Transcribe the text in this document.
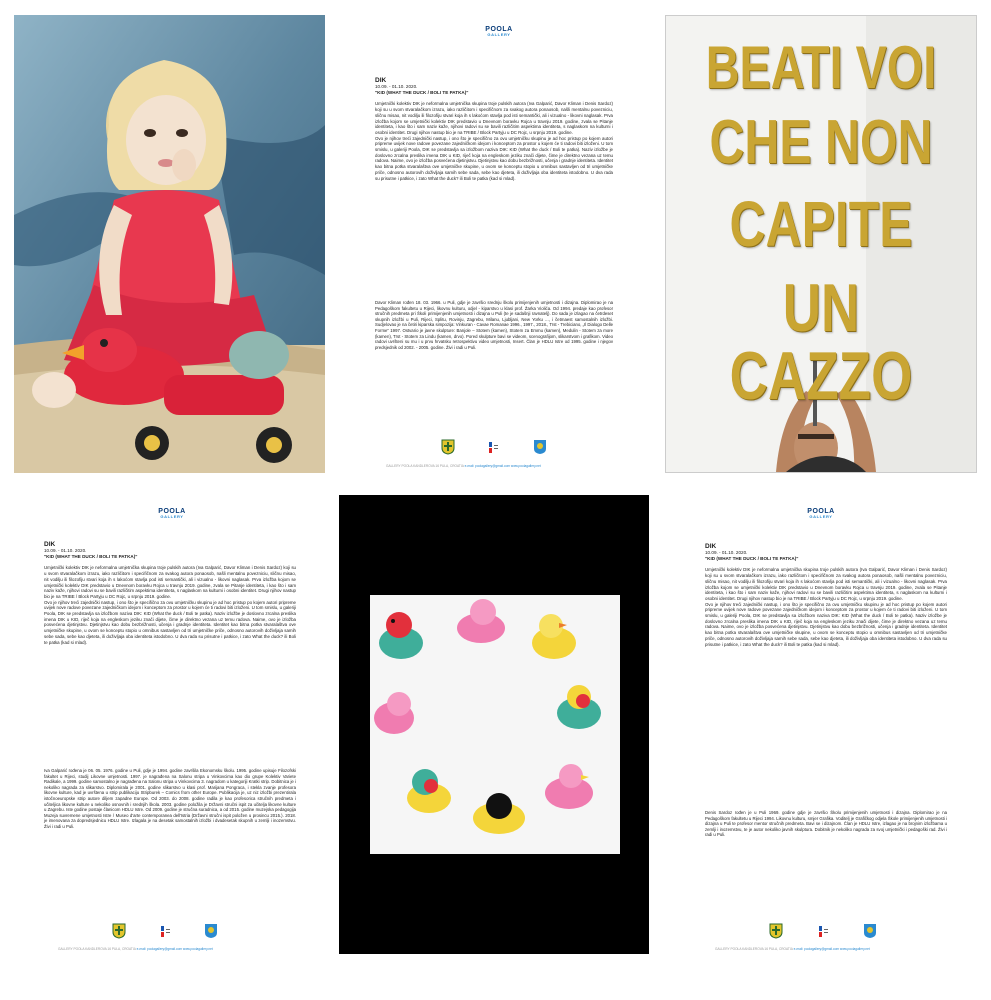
POOLA
GALLERY
DIK
10.09. - 01.10. 2020.
"KID (WHAT THE DUCK / BOLI TE PATKA)"

Umjetnički kolektiv DIK je neformalna umjetnička skupina troje pulskih autora (Iva Galparić, Davor Kliman i Denis Sardoz) koji su u svom stvaralačkom izrazu, iako različitom i specifičnom za svakog autora ponaosob, našli mentalnu povezniciu, sličnu misao, nit vodilju ili filozofiju stvari koja ih s lakoćom stavlja pod isti semantički, ali i vizualno - likovni naglasak. Prva izložba kojom se umjetnički kolektiv DIK predstavio u Dnevnom boravku Rojca u travnju 2019. godine, zvala se Pitanje identiteta, i kao što i sam naziv kaže, njihovi radovi su se bavili različitim aspektima identiteta, s naglaskom na kulturni i osobni identitet. Drugi njihov nastup bio je na TRIBE / Block Partyju u DC Rojc, u srpnju 2019. godine.

Ovo je njihov treći zajednički nastup, i ono što je specifično za ovu umjetničku skupinu je ad hoc pristup po kojem autori pripreme uvijek nove radove povezane zajedničkom idejom i konceptom za prostor u kojem će ti radovi biti izloženi. U tom smislu, u galeriji Poola, DIK se predstavlja sa izložbom naziva DIK: KID (What the duck / Boli te patka). Naziv izložbe je doslovno zrcalna preslika imena DIK u KID, riječ koja na engleskom jeziku znači dijete, čime je direktno vezana uz temu radova. Naime, ovo je izložba posvećena djetinjstvu. Djetinjstvu kao dobu bezbrižnosti, učenja i gradnje identiteta. Identitet kao bitna potka stvaralaštva ove umjetničke skupine, u ovom se konceptu stopio u omnibus sastavljen od tri umjetničke priče, odnosno autorovih doživljaja samih sebe sada, sebe kao djeteta, ili doživljaja oba identiteta istodobno. U dva rada su prisutne i patkice, i zato What the duck? ili Boli te patka (kad si mlad).

Davor Kliman rođen 18. 03. 1966. u Puli, gdje je završio srednju školu primijenjenih umjetnosti i dizajna. Diplomirao je na Pedagoškom fakultetu u Rijeci, likovnu kulturu, odjel - kiparstvo u klasi prof. Žarka Violića. Od 1994. predaje kao profesor stručnih predmeta pri Školi primijenjenih umjetnosti i dizajna u Puli (te je sadašnji ravnatelj). Do sada je izlagao na četrdeset skupnih izložbi u Puli, Rijeci, Splitu, Rovinju, Zagrebu, Milanu, Ljubljani, New Yorku ..., i četmaest samostalnih izložbi. Sudjelovao je na četiri kiparska simpozija: Vinkuran - Cavae Romanae 1996., 1997., 2018., Trst - Trebiciano, „Il Dialogo Delle Forme“ 1997. Ostvario je javne skulpture: Banjole – Stotem (kamen), Stotem za Emmu (kamen), Medulin - Stotem za more (kamen), Trst - Stotem za Lindu (kamen, drvo). Pored skulpture bavi se videom, scenografijom, slikarstvom i grafikom. Video radovi uvršteni su mu i u prvu hrvatsku retrospektivu video umjetnosti, Insert. Član je HDLU Istre od 1995. godine i njegov predsjednik od 2002. - 2005. godine. Živi i radi u Puli.
GALLERY POOLA KANDLEROVA 16 PULA, CROATIA e-mail: poolagallery@gmail.com www.poolagallery.net
BEATI VOI
CHE NON
CAPITE
UN CAZZO
POOLA
GALLERY
DIK
10.09. - 01.10. 2020.
"KID (WHAT THE DUCK / BOLI TE PATKA)"

Umjetnički kolektiv DIK je neformalna umjetnička skupina troje pulskih autora (Iva Galparić, Davor Kliman i Denis Sardoz) koji su u svom stvaralačkom izrazu, iako različitom i specifičnom za svakog autora ponaosob, našli mentalnu povezniciu, sličnu misao, nit vodilju ili filozofiju stvari koja ih s lakoćom stavlja pod isti semantički, ali i vizualno - likovni naglasak. Prva izložba kojom se umjetnički kolektiv DIK predstavio u Dnevnom boravku Rojca u travnju 2019. godine, zvala se Pitanje identiteta, i kao što i sam naziv kaže, njihovi radovi su se bavili različitim aspektima identiteta, s naglaskom na kulturni i osobni identitet. Drugi njihov nastup bio je na TRIBE / Block Partyju u DC Rojc, u srpnju 2019. godine.

Ovo je njihov treći zajednički nastup, i ono što je specifično za ovu umjetničku skupinu je ad hoc pristup po kojem autori pripreme uvijek nove radove povezane zajedničkom idejom i konceptom za prostor u kojem će ti radovi biti izloženi. U tom smislu, u galeriji Poola, DIK se predstavlja sa izložbom naziva DIK: KID (What the duck / Boli te patka). Naziv izložbe je doslovno zrcalna preslika imena DIK u KID, riječ koja na engleskom jeziku znači dijete, čime je direktno vezana uz temu radova. Naime, ovo je izložba posvećena djetinjstvu. Djetinjstvu kao dobu bezbrižnosti, učenja i gradnje identiteta. Identitet kao bitna potka stvaralaštva ove umjetničke skupine, u ovom se konceptu stopio u omnibus sastavljen od tri umjetničke priče, odnosno autorovih doživljaja samih sebe sada, sebe kao djeteta, ili doživljaja oba identiteta istodobno. U dva rada su prisutne i patkice, i zato What the duck? ili Boli te patka (kad si mlad).

Iva Galparić rođena je 06. 05. 1976. godine u Puli, gdje je 1994. godine završila Ekonomsku školu. 1995. godine upisuje Filozofski fakultet u Rijeci, studij Likovne umjetnosti. 1997. je nagrađena na Salonu stripa u Vinkovcima kao dio grupe Kolektiv Variete Radikale, a 1999. godine samostalno je nagrađena na Salonu stripa u Vinkovcima 3. nagradom u kategoriji Kratki strip. Dobitnica je i nekoliko nagrada za slikarstvo. Diplomirala je 2001. godine slikarstvo u klasi prof. Marijana Pongraca, i stekla zvanje profesora likovne kulture, kad je uvrštena u strip publikaciju Stripburek – Comics from other Europe. Publikacija je, uz niz izložbi prezentirala istočnoeuropske strip autore diljem zapadne Europe. Od 2003. do 2008. godine radila je kao profesorica stručnih predmeta i učiteljica likovne kulture u nekoliko osnovnih i srednjih škola. 2003. godine položila je Državni stručni ispit za učitelja likovne kulture u Zagrebu. Iste godine postaje članicom HDLU Istre. Od 2009. godine je stručna suradnica, a od 2015. godine muzejska pedagogija Muzeja suvremene umjetnosti Istre / Museo d'arte contemporanea dell'Istria (Državni stručni ispit položen u prosincu 2015.). 2018. je imenovana za dopredsjednicu HDLU Istre. Izlagala je na desetak samostalnih izložbi i dvadesetak skupnih u zemlji i inozemstvu. Živi i radi u Puli.
GALLERY POOLA KANDLEROVA 16 PULA, CROATIA e-mail: poolagallery@gmail.com www.poolagallery.net
POOLA
GALLERY
DIK
10.09. - 01.10. 2020.
"KID (WHAT THE DUCK / BOLI TE PATKA)"

Umjetnički kolektiv DIK je neformalna umjetnička skupina troje pulskih autora (Iva Galparić, Davor Kliman i Denis Sardoz) koji su u svom stvaralačkom izrazu, iako različitom i specifičnom za svakog autora ponaosob, našli mentalnu povezniciu, sličnu misao, nit vodilju ili filozofiju stvari koja ih s lakoćom stavlja pod isti semantički, ali i vizualno - likovni naglasak. Prva izložba kojom se umjetnički kolektiv DIK predstavio u Dnevnom boravku Rojca u travnju 2019. godine, zvala se Pitanje identiteta, i kao što i sam naziv kaže, njihovi radovi su se bavili različitim aspektima identiteta, s naglaskom na kulturni i osobni identitet. Drugi njihov nastup bio je na TRIBE / Block Partyju u DC Rojc, u srpnju 2019. godine.

Ovo je njihov treći zajednički nastup, i ono što je specifično za ovu umjetničku skupinu je ad hoc pristup po kojem autori pripreme uvijek nove radove povezane zajedničkom idejom i konceptom za prostor u kojem će ti radovi biti izloženi. U tom smislu, u galeriji Poola, DIK se predstavlja sa izložbom naziva DIK: KID (What the duck / Boli te patka). Naziv izložbe je doslovno zrcalna preslika imena DIK u KID, riječ koja na engleskom jeziku znači dijete, čime je direktno vezana uz temu radova. Naime, ovo je izložba posvećena djetinjstvu. Djetinjstvu kao dobu bezbrižnosti, učenja i gradnje identiteta. Identitet kao bitna potka stvaralaštva ove umjetničke skupine, u ovom se konceptu stopio u omnibus sastavljen od tri umjetničke priče, odnosno autorovih doživljaja samih sebe sada, sebe kao djeteta, ili doživljaja oba identiteta istodobno. U dva rada su prisutne i patkice, i zato What the duck? ili Boli te patka (kad si mlad).

Denis Sardoz rođen je u Puli 1969. godine gdje je završio Školu primijenjenih umjetnosti i dizajna. Diplomirao je na Pedagoškom fakultetu u Rijeci 1994. Likovnu kulturu, smjer Grafika. Voditelj je Grafičkog odjela Škole primijenjenih umjetnosti i dizajna u Puli te profesor mentor stručnih predmeta. Bavi se i dizajnom. Član je HDLU Istre, izlagao je na brojnim izložbama u zemlji i inozemstvu, te je autor nekoliko javnih skulptura. Dobitnik je nekoliko nagrada za svoj umjetnički i pedagoški rad. Živi i radi u Puli.
GALLERY POOLA KANDLEROVA 16 PULA, CROATIA e-mail: poolagallery@gmail.com www.poolagallery.net
